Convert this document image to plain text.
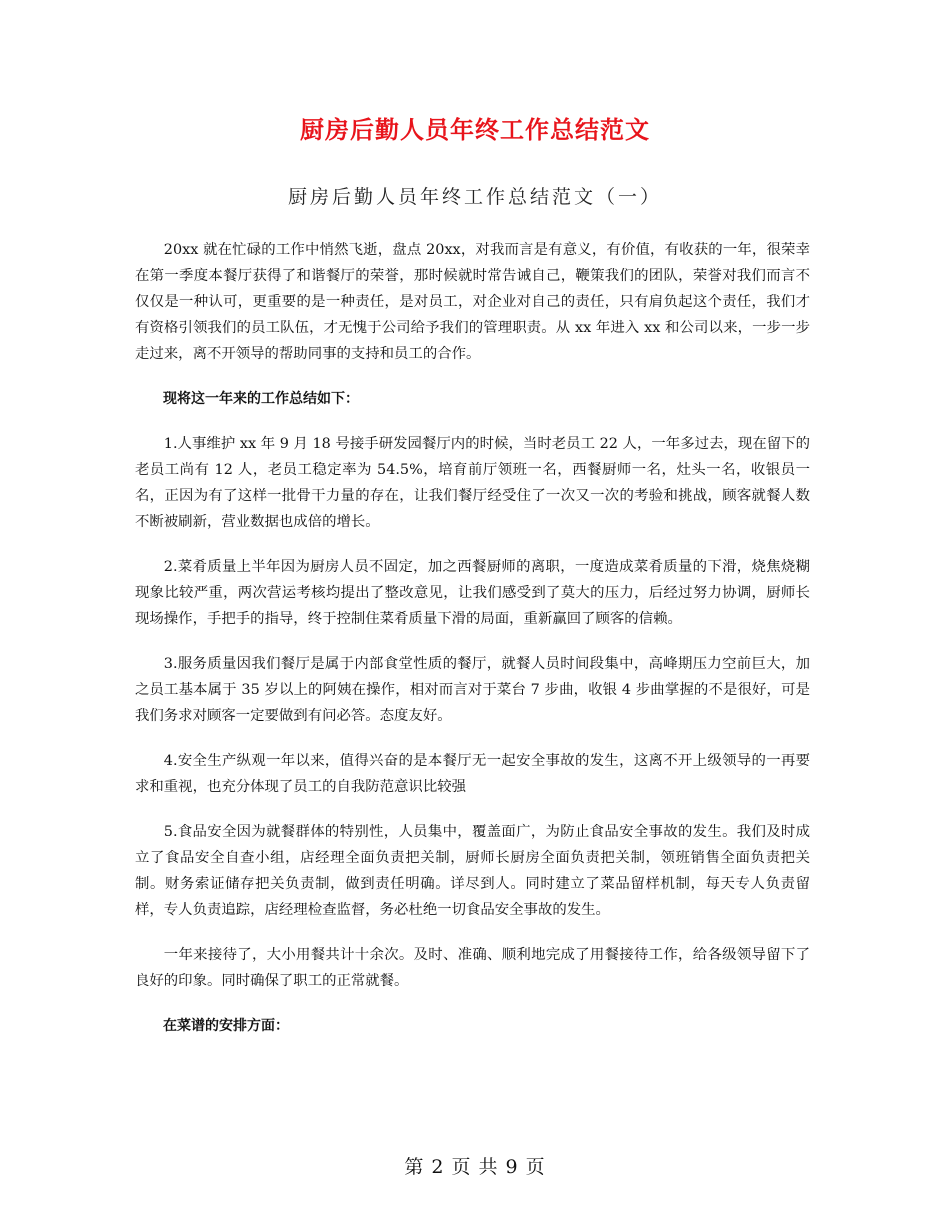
厨房后勤人员年终工作总结范文
厨房后勤人员年终工作总结范文（一）

20xx 就在忙碌的工作中悄然飞逝，盘点 20xx，对我而言是有意义，有价值，有收获的一年，很荣幸在第一季度本餐厅获得了和谐餐厅的荣誉，那时候就时常告诫自己，鞭策我们的团队，荣誉对我们而言不仅仅是一种认可，更重要的是一种责任，是对员工，对企业对自己的责任，只有肩负起这个责任，我们才有资格引领我们的员工队伍，才无愧于公司给予我们的管理职责。从 xx 年进入 xx 和公司以来，一步一步走过来，离不开领导的帮助同事的支持和员工的合作。

现将这一年来的工作总结如下：

1.人事维护 xx 年 9 月 18 号接手研发园餐厅内的时候，当时老员工 22 人，一年多过去，现在留下的老员工尚有 12 人，老员工稳定率为 54.5%，培育前厅领班一名，西餐厨师一名，灶头一名，收银员一名，正因为有了这样一批骨干力量的存在，让我们餐厅经受住了一次又一次的考验和挑战，顾客就餐人数不断被刷新，营业数据也成倍的增长。

2.菜肴质量上半年因为厨房人员不固定，加之西餐厨师的离职，一度造成菜肴质量的下滑，烧焦烧糊现象比较严重，两次营运考核均提出了整改意见，让我们感受到了莫大的压力，后经过努力协调，厨师长现场操作，手把手的指导，终于控制住菜肴质量下滑的局面，重新赢回了顾客的信赖。

3.服务质量因我们餐厅是属于内部食堂性质的餐厅，就餐人员时间段集中，高峰期压力空前巨大，加之员工基本属于 35 岁以上的阿姨在操作，相对而言对于菜台 7 步曲，收银 4 步曲掌握的不是很好，可是我们务求对顾客一定要做到有问必答。态度友好。

4.安全生产纵观一年以来，值得兴奋的是本餐厅无一起安全事故的发生，这离不开上级领导的一再要求和重视，也充分体现了员工的自我防范意识比较强

5.食品安全因为就餐群体的特别性，人员集中，覆盖面广，为防止食品安全事故的发生。我们及时成立了食品安全自查小组，店经理全面负责把关制，厨师长厨房全面负责把关制，领班销售全面负责把关制。财务索证储存把关负责制，做到责任明确。详尽到人。同时建立了菜品留样机制，每天专人负责留样，专人负责追踪，店经理检查监督，务必杜绝一切食品安全事故的发生。

一年来接待了，大小用餐共计十余次。及时、准确、顺利地完成了用餐接待工作，给各级领导留下了良好的印象。同时确保了职工的正常就餐。

在菜谱的安排方面：

第 2 页 共 9 页
